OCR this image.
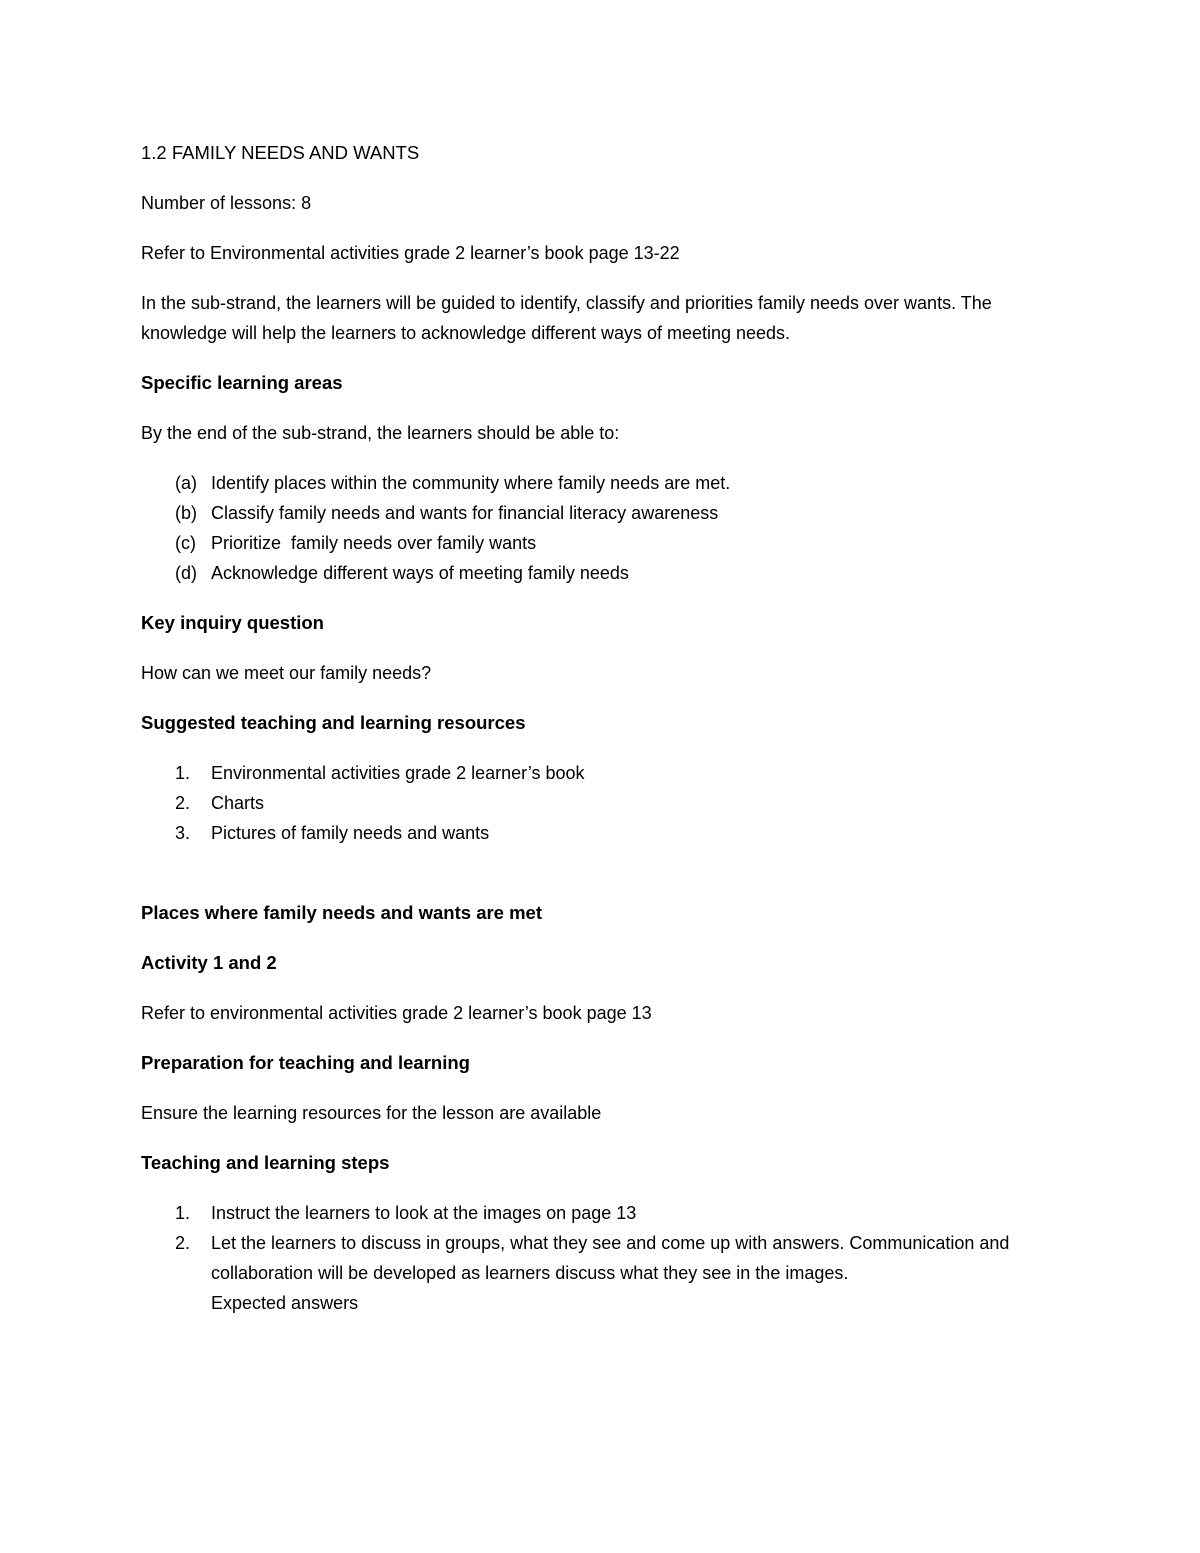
1.2 FAMILY NEEDS AND WANTS

Number of lessons: 8

Refer to Environmental activities grade 2 learner’s book page 13-22

In the sub-strand, the learners will be guided to identify, classify and priorities family needs over wants. The knowledge will help the learners to acknowledge different ways of meeting needs.

Specific learning areas

By the end of the sub-strand, the learners should be able to:

(a) Identify places within the community where family needs are met.
(b) Classify family needs and wants for financial literacy awareness
(c) Prioritize  family needs over family wants
(d) Acknowledge different ways of meeting family needs
Key inquiry question

How can we meet our family needs?

Suggested teaching and learning resources
1. Environmental activities grade 2 learner’s book
2. Charts
3. Pictures of family needs and wants
Places where family needs and wants are met
Activity 1 and 2

Refer to environmental activities grade 2 learner’s book page 13

Preparation for teaching and learning

Ensure the learning resources for the lesson are available

Teaching and learning steps
1. Instruct the learners to look at the images on page 13
2. Let the learners to discuss in groups, what they see and come up with answers. Communication and collaboration will be developed as learners discuss what they see in the images.
Expected answers
